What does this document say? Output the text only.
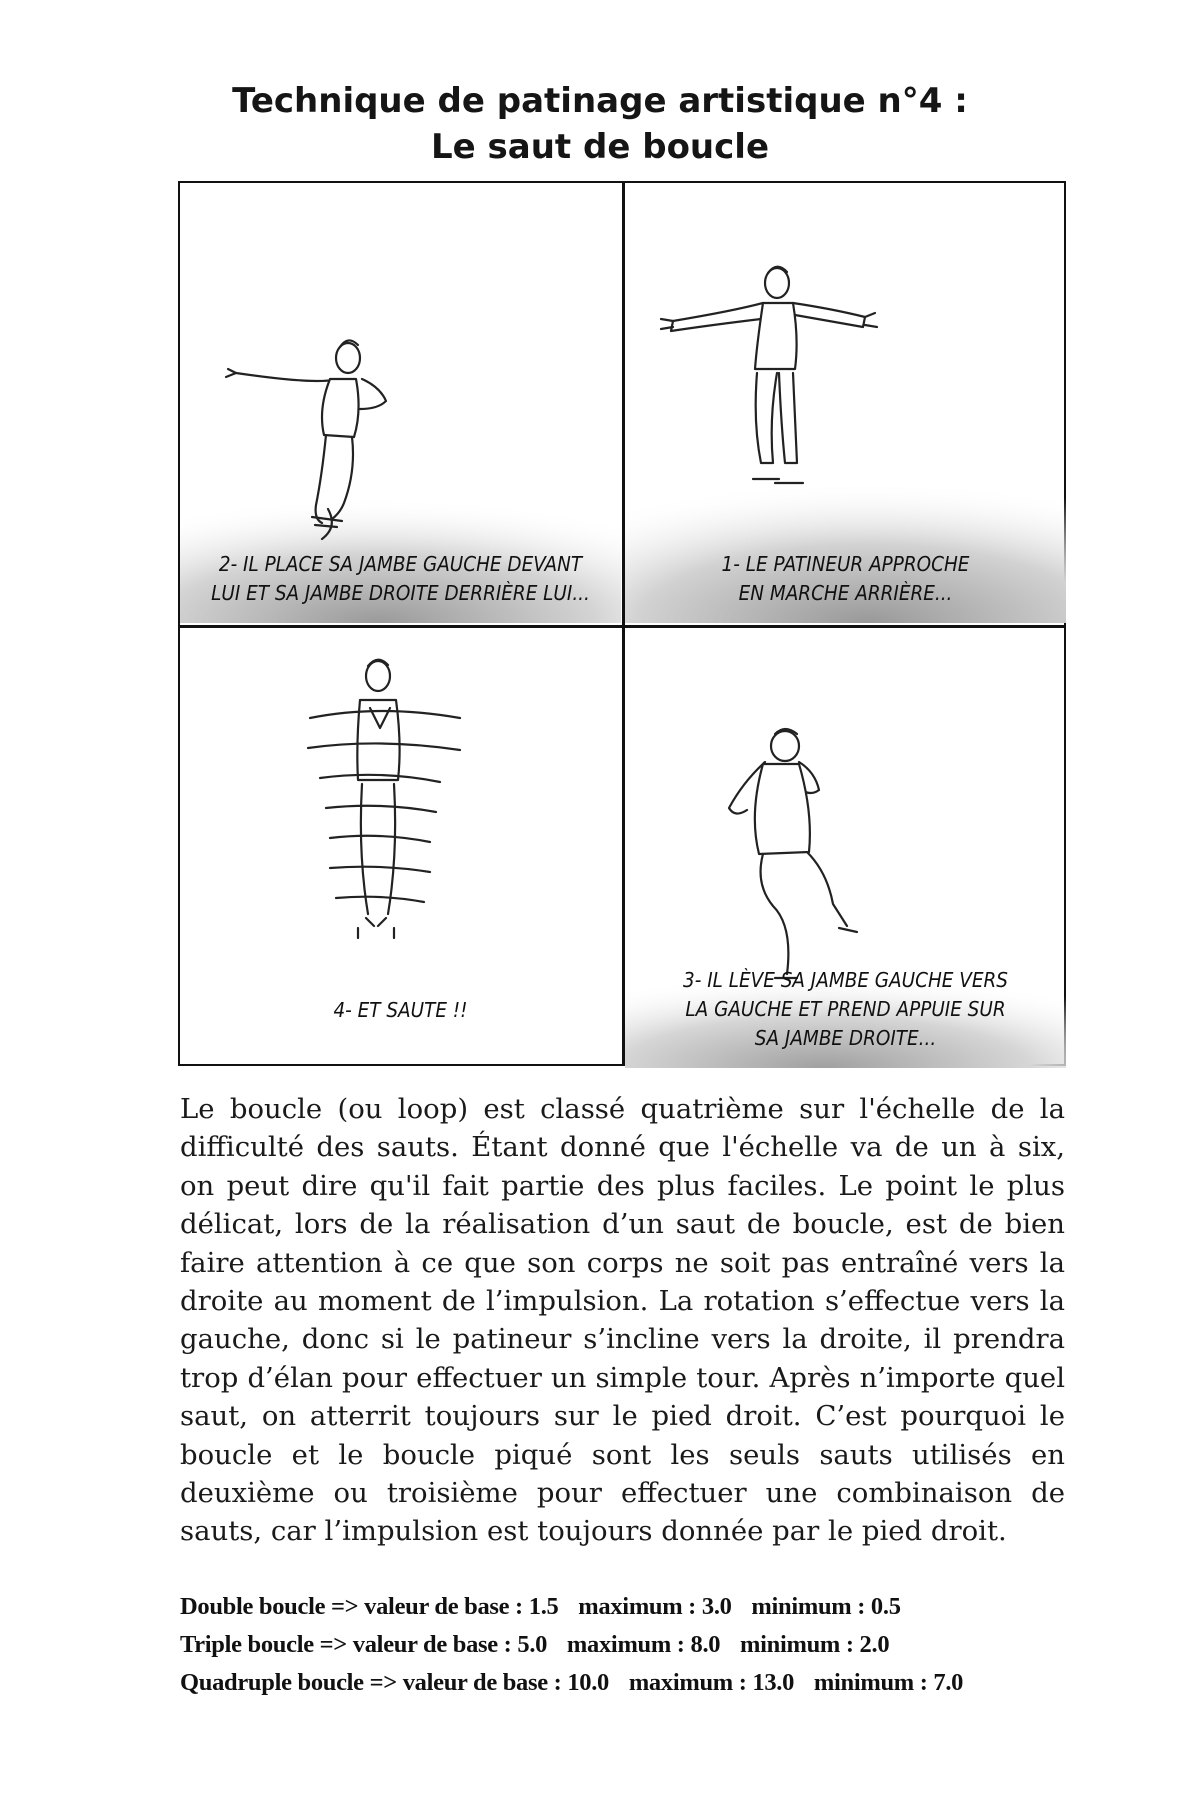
Technique de patinage artistique n°4 :
Le saut de boucle
2- IL PLACE SA JAMBE GAUCHE DEVANT
LUI ET SA JAMBE DROITE DERRIÈRE LUI...
1- LE PATINEUR APPROCHE
EN MARCHE ARRIÈRE...
4- ET SAUTE !!
3- IL LÈVE SA JAMBE GAUCHE VERS
LA GAUCHE ET PREND APPUIE SUR
SA JAMBE DROITE...

Le boucle (ou loop) est classé quatrième sur l'échelle de la difficulté des sauts. Étant donné que l'échelle va de un à six, on peut dire qu'il fait partie des plus faciles. Le point le plus délicat, lors de la réalisation d’un saut de boucle, est de bien faire attention à ce que son corps ne soit pas entraîné vers la droite au moment de l’impulsion. La rotation s’effectue vers la gauche, donc si le patineur s’incline vers la droite, il prendra trop d’élan pour effectuer un simple tour. Après n’importe quel saut, on atterrit toujours sur le pied droit. C’est pourquoi le boucle et le boucle piqué sont les seuls sauts utilisés en deuxième ou troisième pour effectuer une combinaison de sauts, car l’impulsion est toujours donnée par le pied droit.

Double boucle => valeur de base : 1.5 maximum : 3.0 minimum : 0.5
Triple boucle => valeur de base : 5.0 maximum : 8.0 minimum : 2.0
Quadruple boucle => valeur de base : 10.0 maximum : 13.0 minimum : 7.0
